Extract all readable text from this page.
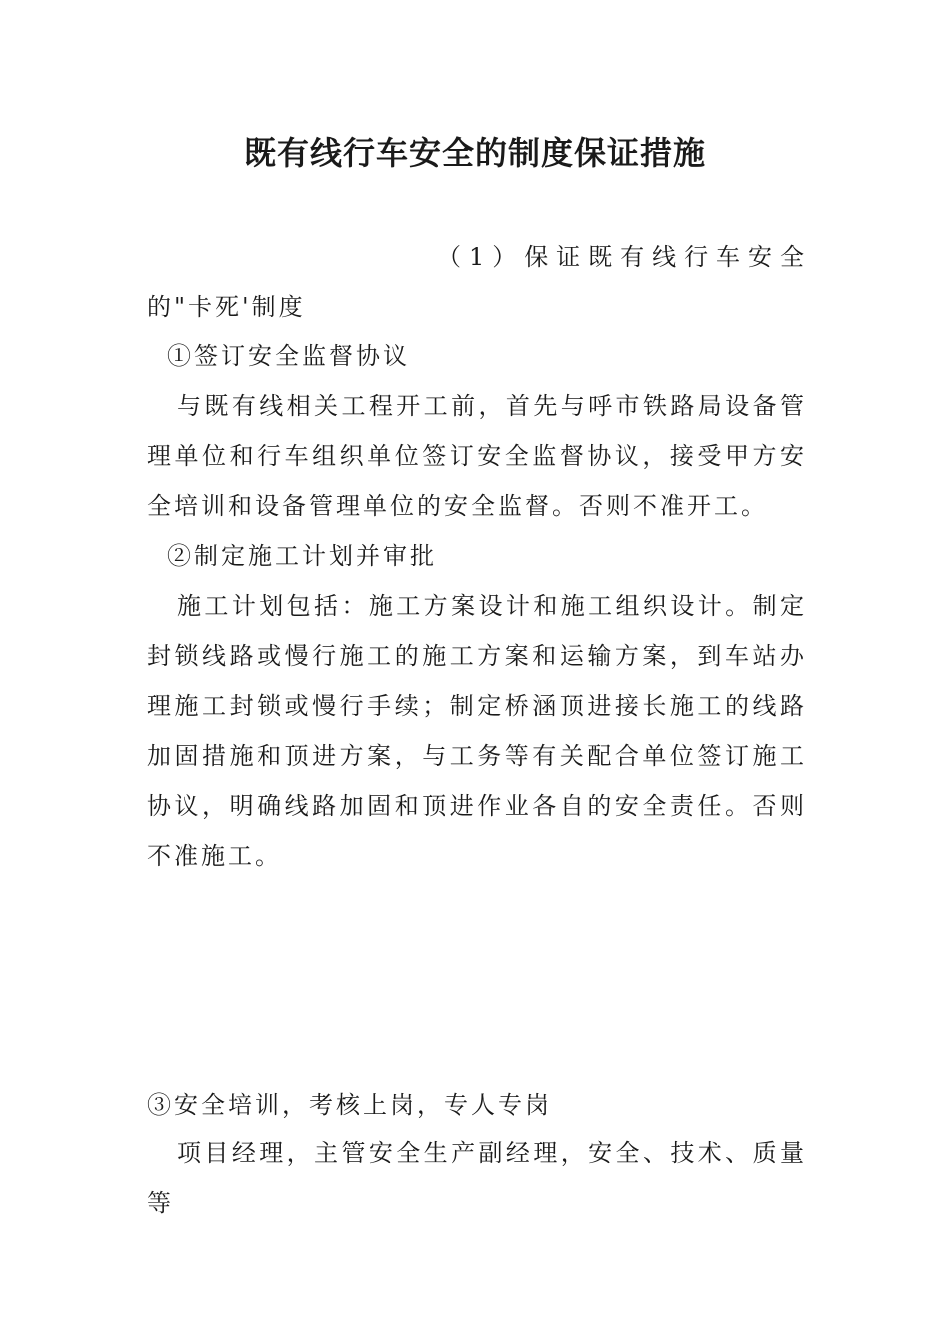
既有线行车安全的制度保证措施
（1）保证既有线行车安全的"卡死'制度
①签订安全监督协议
与既有线相关工程开工前，首先与呼市铁路局设备管理单位和行车组织单位签订安全监督协议，接受甲方安全培训和设备管理单位的安全监督。否则不准开工。
②制定施工计划并审批
施工计划包括：施工方案设计和施工组织设计。制定封锁线路或慢行施工的施工方案和运输方案，到车站办理施工封锁或慢行手续；制定桥涵顶进接长施工的线路加固措施和顶进方案，与工务等有关配合单位签订施工协议，明确线路加固和顶进作业各自的安全责任。否则不准施工。
③安全培训，考核上岗，专人专岗
项目经理，主管安全生产副经理，安全、技术、质量等
